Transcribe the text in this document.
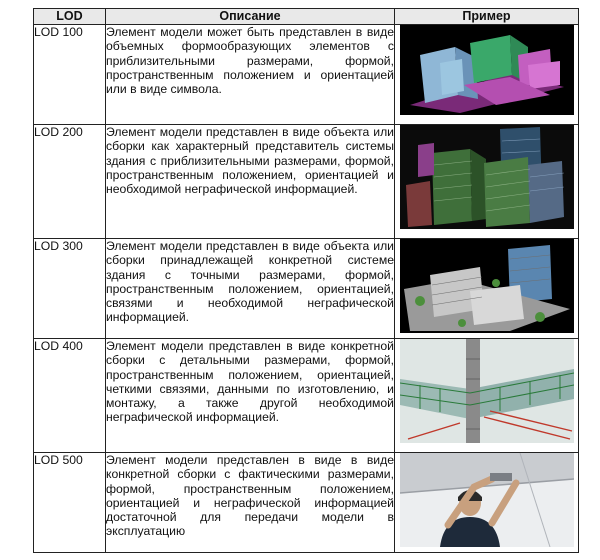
LOD	Описание	Пример
LOD 100	Элемент модели может быть представлен в виде объемных формообразующих элементов с приблизительными размерами, формой, пространственным положением и ориентацией или в виде символа.	

LOD 200	Элемент модели представлен в виде объекта или сборки как характерный представитель системы здания с приблизительными размерами, формой, пространственным положением, ориентацией и необходимой неграфической информацией.	

LOD 300	Элемент модели представлен в виде объекта или сборки принадлежащей конкретной системе здания с точными размерами, формой, пространственным положением, ориентацией, связями и необходимой неграфической информацией.	

LOD 400	Элемент модели представлен в виде конкретной сборки с детальными размерами, формой, пространственным положением, ориентацией, четкими связями, данными по изготовлению, и монтажу, а также другой необходимой неграфической информацией.	

LOD 500	Элемент модели представлен в виде в виде конкретной сборки с фактическими размерами, формой, пространственным положением, ориентацией и неграфической информацией достаточной для передачи модели в эксплуатацию	
